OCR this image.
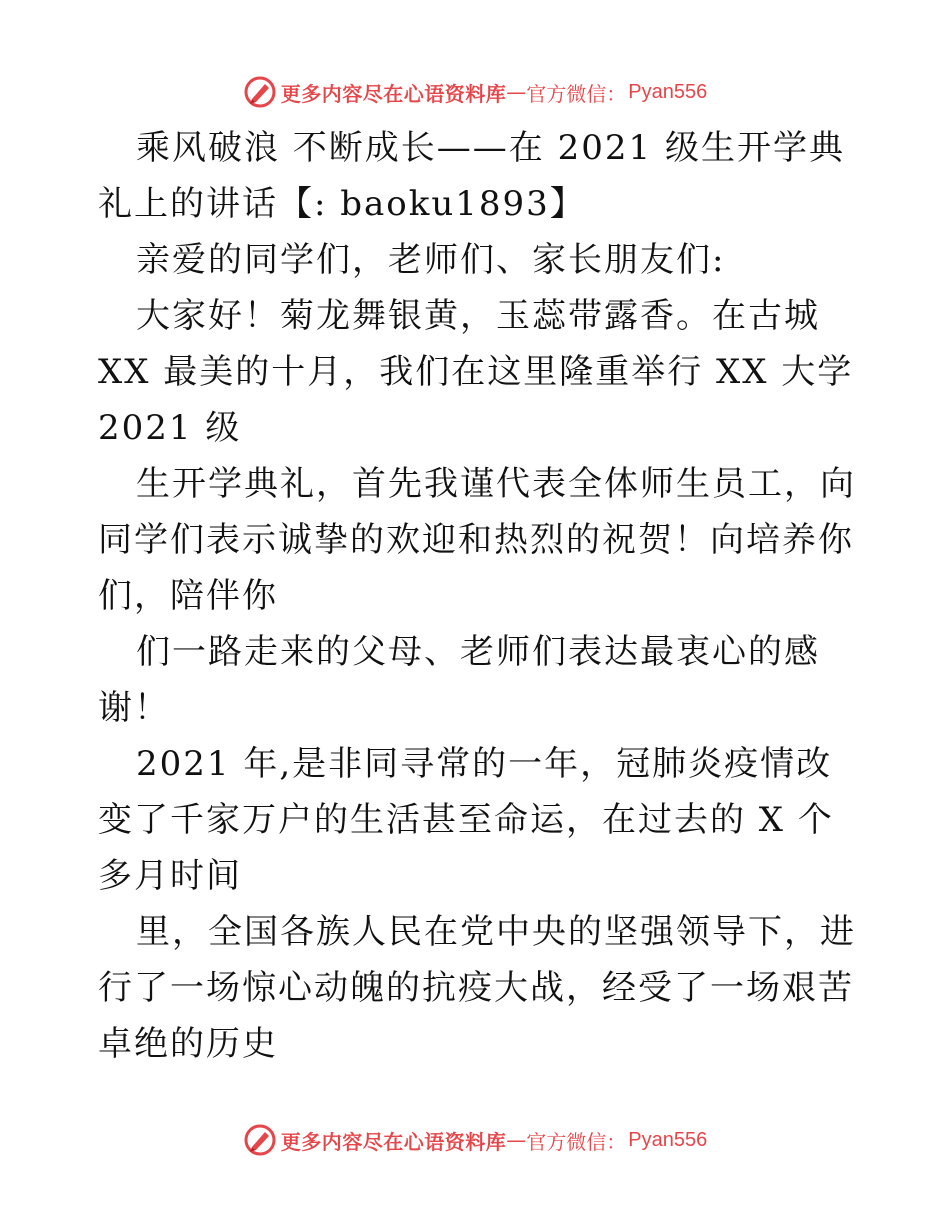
更多内容尽在心语资料库 — 官方微信： Pyan556

乘风破浪 不断成长——在 2021 级生开学典礼上的讲话【: baoku1893】

亲爱的同学们，老师们、家长朋友们:

大家好！菊龙舞银黄，玉蕊带露香。在古城 XX 最美的十月，我们在这里隆重举行 XX 大学 2021 级

生开学典礼，首先我谨代表全体师生员工，向同学们表示诚挚的欢迎和热烈的祝贺！向培养你们，陪伴你

们一路走来的父母、老师们表达最衷心的感谢！

2021 年,是非同寻常的一年，冠肺炎疫情改变了千家万户的生活甚至命运，在过去的 X 个多月时间

里，全国各族人民在党中央的坚强领导下，进行了一场惊心动魄的抗疫大战，经受了一场艰苦卓绝的历史

更多内容尽在心语资料库 — 官方微信： Pyan556
